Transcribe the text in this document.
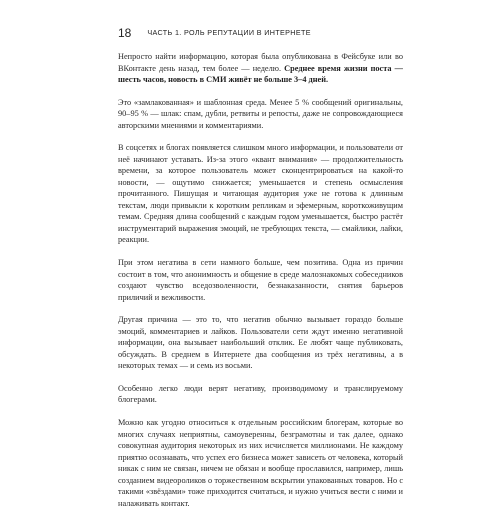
18 ЧАСТЬ 1. РОЛЬ РЕПУТАЦИИ В ИНТЕРНЕТЕ

Непросто найти информацию, которая была опубликована в Фейсбуке или во ВКонтакте день назад, тем более — неделю. Среднее время жизни поста — шесть часов, новость в СМИ живёт не больше 3–4 дней.

Это «замлакованная» и шаблонная среда. Менее 5 % сообщений оригинальны, 90–95 % — шлак: спам, дубли, ретвиты и репосты, даже не сопровождающиеся авторскими мнениями и комментариями.

В соцсетях и блогах появляется слишком много информации, и пользователи от неё начинают уставать. Из-за этого «квант внимания» — продолжительность времени, за которое пользователь может сконцентрироваться на какой-то новости, — ощутимо снижается; уменьшается и степень осмысления прочитанного. Пишущая и читающая аудитория уже не готова к длинным текстам, люди привыкли к коротким репликам и эфемерным, короткоживущим темам. Средняя длина сообщений с каждым годом уменьшается, быстро растёт инструментарий выражения эмоций, не требующих текста, — смайлики, лайки, реакции.

При этом негатива в сети намного больше, чем позитива. Одна из причин состоит в том, что анонимность и общение в среде малознакомых собеседников создают чувство вседозволенности, безнаказанности, снятия барьеров приличий и вежливости.

Другая причина — это то, что негатив обычно вызывает гораздо больше эмоций, комментариев и лайков. Пользователи сети ждут именно негативной информации, она вызывает наибольший отклик. Ее любят чаще публиковать, обсуждать. В среднем в Интернете два сообщения из трёх негативны, а в некоторых темах — и семь из восьми.

Особенно легко люди верят негативу, производимому и транслируемому блогерами.

Можно как угодно относиться к отдельным российским блогерам, которые во многих случаях неприятны, самоуверенны, безграмотны и так далее, однако совокупная аудитория некоторых из них исчисляется миллионами. Не каждому приятно осознавать, что успех его бизнеса может зависеть от человека, который никак с ним не связан, ничем не обязан и вообще прославился, например, лишь созданием видеороликов о торжественном вскрытии упакованных товаров. Но с такими «звёздами» тоже приходится считаться, и нужно учиться вести с ними и налаживать контакт.
